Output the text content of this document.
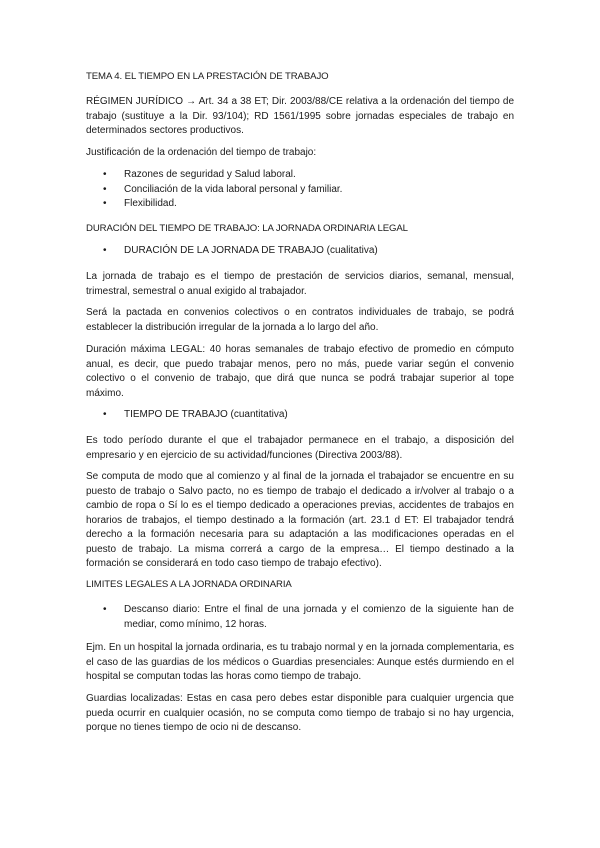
TEMA 4. EL TIEMPO EN LA PRESTACIÓN DE TRABAJO

RÉGIMEN JURÍDICO → Art. 34 a 38 ET; Dir. 2003/88/CE relativa a la ordenación del tiempo de trabajo (sustituye a la Dir. 93/104); RD 1561/1995 sobre jornadas especiales de trabajo en determinados sectores productivos.

Justificación de la ordenación del tiempo de trabajo:

• Razones de seguridad y Salud laboral.
• Conciliación de la vida laboral personal y familiar.
• Flexibilidad.

DURACIÓN DEL TIEMPO DE TRABAJO: LA JORNADA ORDINARIA LEGAL

• DURACIÓN DE LA JORNADA DE TRABAJO (cualitativa)

La jornada de trabajo es el tiempo de prestación de servicios diarios, semanal, mensual, trimestral, semestral o anual exigido al trabajador.

Será la pactada en convenios colectivos o en contratos individuales de trabajo, se podrá establecer la distribución irregular de la jornada a lo largo del año.

Duración máxima LEGAL: 40 horas semanales de trabajo efectivo de promedio en cómputo anual, es decir, que puedo trabajar menos, pero no más, puede variar según el convenio colectivo o el convenio de trabajo, que dirá que nunca se podrá trabajar superior al tope máximo.

• TIEMPO DE TRABAJO (cuantitativa)

Es todo período durante el que el trabajador permanece en el trabajo, a disposición del empresario y en ejercicio de su actividad/funciones (Directiva 2003/88).

Se computa de modo que al comienzo y al final de la jornada el trabajador se encuentre en su puesto de trabajo o Salvo pacto, no es tiempo de trabajo el dedicado a ir/volver al trabajo o a cambio de ropa o Sí lo es el tiempo dedicado a operaciones previas, accidentes de trabajos en horarios de trabajos, el tiempo destinado a la formación (art. 23.1 d ET: El trabajador tendrá derecho a la formación necesaria para su adaptación a las modificaciones operadas en el puesto de trabajo. La misma correrá a cargo de la empresa… El tiempo destinado a la formación se considerará en todo caso tiempo de trabajo efectivo).

LIMITES LEGALES A LA JORNADA ORDINARIA

• Descanso diario: Entre el final de una jornada y el comienzo de la siguiente han de mediar, como mínimo, 12 horas.

Ejm. En un hospital la jornada ordinaria, es tu trabajo normal y en la jornada complementaria, es el caso de las guardias de los médicos o Guardias presenciales: Aunque estés durmiendo en el hospital se computan todas las horas como tiempo de trabajo.

Guardias localizadas: Estas en casa pero debes estar disponible para cualquier urgencia que pueda ocurrir en cualquier ocasión, no se computa como tiempo de trabajo si no hay urgencia, porque no tienes tiempo de ocio ni de descanso.
